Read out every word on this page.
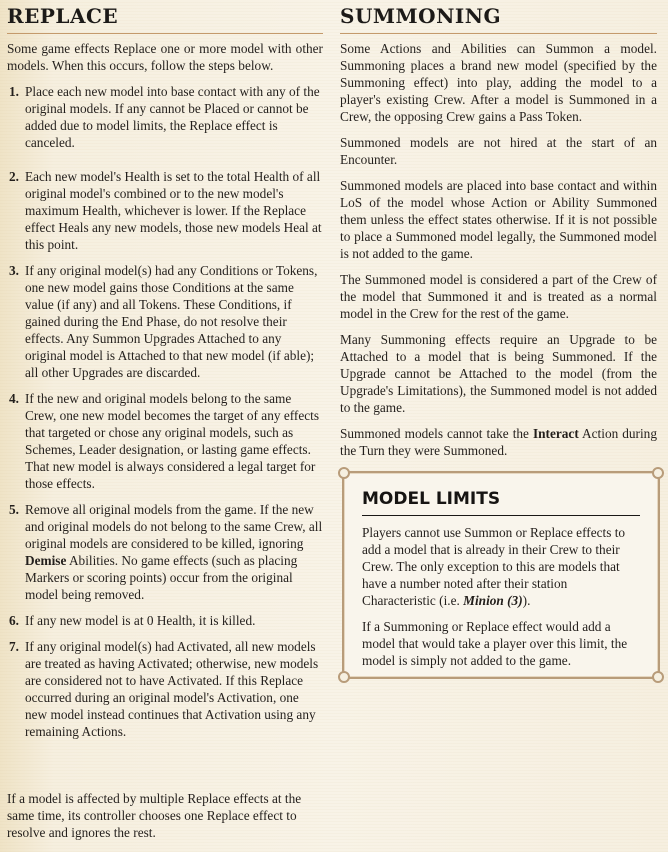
REPLACE

Some game effects Replace one or more model with other models. When this occurs, follow the steps below.

1. Place each new model into base contact with any of the original models. If any cannot be Placed or cannot be added due to model limits, the Replace effect is canceled.
2. Each new model's Health is set to the total Health of all original model's combined or to the new model's maximum Health, whichever is lower. If the Replace effect Heals any new models, those new models Heal at this point.
3. If any original model(s) had any Conditions or Tokens, one new model gains those Conditions at the same value (if any) and all Tokens. These Conditions, if gained during the End Phase, do not resolve their effects. Any Summon Upgrades Attached to any original model is Attached to that new model (if able); all other Upgrades are discarded.
4. If the new and original models belong to the same Crew, one new model becomes the target of any effects that targeted or chose any original models, such as Schemes, Leader designation, or lasting game effects. That new model is always considered a legal target for those effects.
5. Remove all original models from the game. If the new and original models do not belong to the same Crew, all original models are considered to be killed, ignoring Demise Abilities. No game effects (such as placing Markers or scoring points) occur from the original model being removed.
6. If any new model is at 0 Health, it is killed.
7. If any original model(s) had Activated, all new models are treated as having Activated; otherwise, new models are considered not to have Activated. If this Replace occurred during an original model's Activation, one new model instead continues that Activation using any remaining Actions.

If a model is affected by multiple Replace effects at the same time, its controller chooses one Replace effect to resolve and ignores the rest.

SUMMONING

Some Actions and Abilities can Summon a model. Summoning places a brand new model (specified by the Summoning effect) into play, adding the model to a player's existing Crew. After a model is Summoned in a Crew, the opposing Crew gains a Pass Token.

Summoned models are not hired at the start of an Encounter.

Summoned models are placed into base contact and within LoS of the model whose Action or Ability Summoned them unless the effect states otherwise. If it is not possible to place a Summoned model legally, the Summoned model is not added to the game.

The Summoned model is considered a part of the Crew of the model that Summoned it and is treated as a normal model in the Crew for the rest of the game.

Many Summoning effects require an Upgrade to be Attached to a model that is being Summoned. If the Upgrade cannot be Attached to the model (from the Upgrade's Limitations), the Summoned model is not added to the game.

Summoned models cannot take the Interact Action during the Turn they were Summoned.

MODEL LIMITS

Players cannot use Summon or Replace effects to add a model that is already in their Crew to their Crew. The only exception to this are models that have a number noted after their station Characteristic (i.e. Minion (3)).

If a Summoning or Replace effect would add a model that would take a player over this limit, the model is simply not added to the game.
